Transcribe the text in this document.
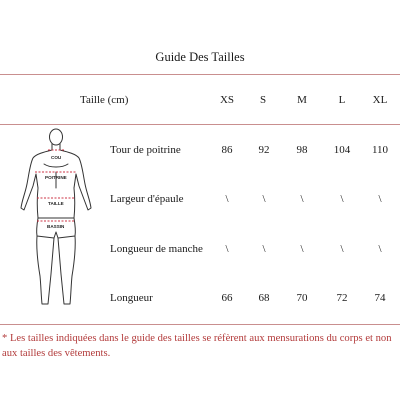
Guide Des Tailles
Taille (cm)	XS	S	M	L	XL
Tour de poitrine	86	92	98	104	110
Largeur d'épaule	\	\	\	\	\
Longueur de manche	\	\	\	\	\
Longueur	66	68	70	72	74
COU
POITRINE
TAILLE
BASSIN
* Les tailles indiquées dans le guide des tailles se réfèrent aux mensurations du corps et non aux tailles des vêtements.
